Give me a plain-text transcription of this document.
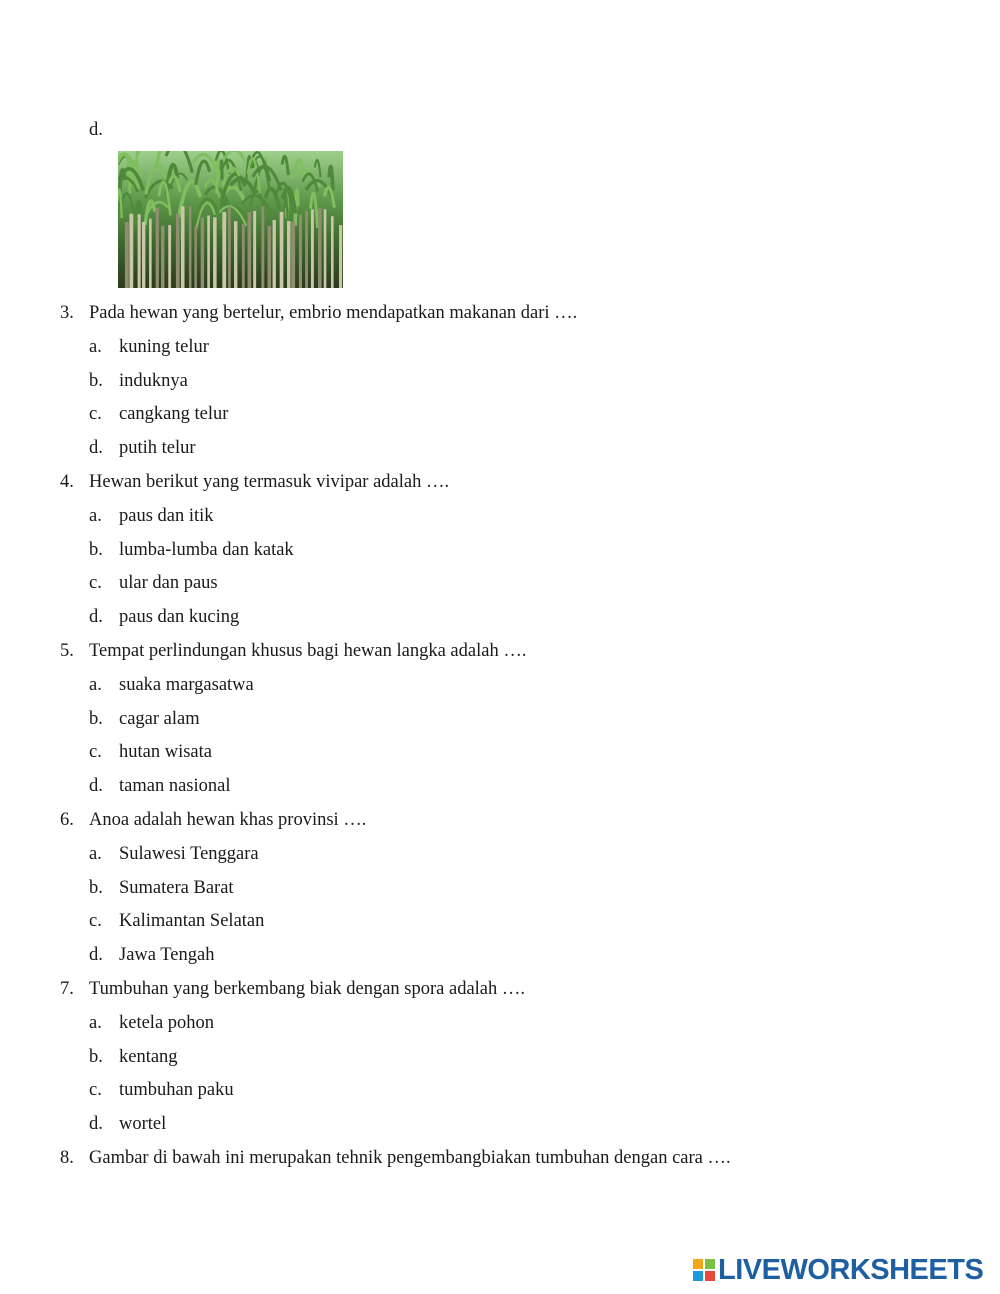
d.
3. Pada hewan yang bertelur, embrio mendapatkan makanan dari ….
a. kuning telur
b. induknya
c. cangkang telur
d. putih telur
4. Hewan berikut yang termasuk vivipar adalah ….
a. paus dan itik
b. lumba-lumba dan katak
c. ular dan paus
d. paus dan kucing
5. Tempat perlindungan khusus bagi hewan langka adalah ….
a. suaka margasatwa
b. cagar alam
c. hutan wisata
d. taman nasional
6. Anoa adalah hewan khas provinsi ….
a. Sulawesi Tenggara
b. Sumatera Barat
c. Kalimantan Selatan
d. Jawa Tengah
7. Tumbuhan yang berkembang biak dengan spora adalah ….
a. ketela pohon
b. kentang
c. tumbuhan paku
d. wortel
8. Gambar di bawah ini merupakan tehnik pengembangbiakan tumbuhan dengan cara ….
LIVEWORKSHEETS
